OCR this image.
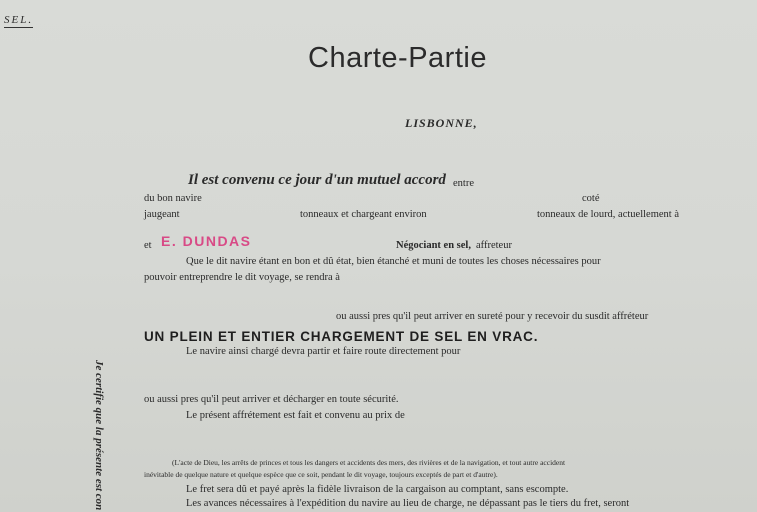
SEL.
Charte-Partie
LISBONNE,
Il est convenu ce jour d'un mutuel accord entre
du bon navire	coté
jaugeant	tonneaux et chargeant environ	tonneaux de lourd, actuellement à
et E. DUNDAS	Négociant en sel, affreteur
Que le dit navire étant en bon et dû état, bien étanché et muni de toutes les choses nécessaires pour
pouvoir entreprendre le dit voyage, se rendra à
ou aussi pres qu'il peut arriver en sureté pour y recevoir du susdit affréteur
UN PLEIN ET ENTIER CHARGEMENT DE SEL EN VRAC.
Le navire ainsi chargé devra partir et faire route directement pour
ou aussi pres qu'il peut arriver et décharger en toute sécurité.
Le présent affrétement est fait et convenu au prix de
(L'acte de Dieu, les arrêts de princes et tous les dangers et accidents des mers, des rivières et de la navigation, et tout autre accident
inévitable de quelque nature et quelque espèce que ce soit, pendant le dit voyage, toujours exceptés de part et d'autre).
Le fret sera dû et payé après la fidèle livraison de la cargaison au comptant, sans escompte.
Les avances nécessaires à l'expédition du navire au lieu de charge, ne dépassant pas le tiers du fret, seront
Je certifie que la présente est con
